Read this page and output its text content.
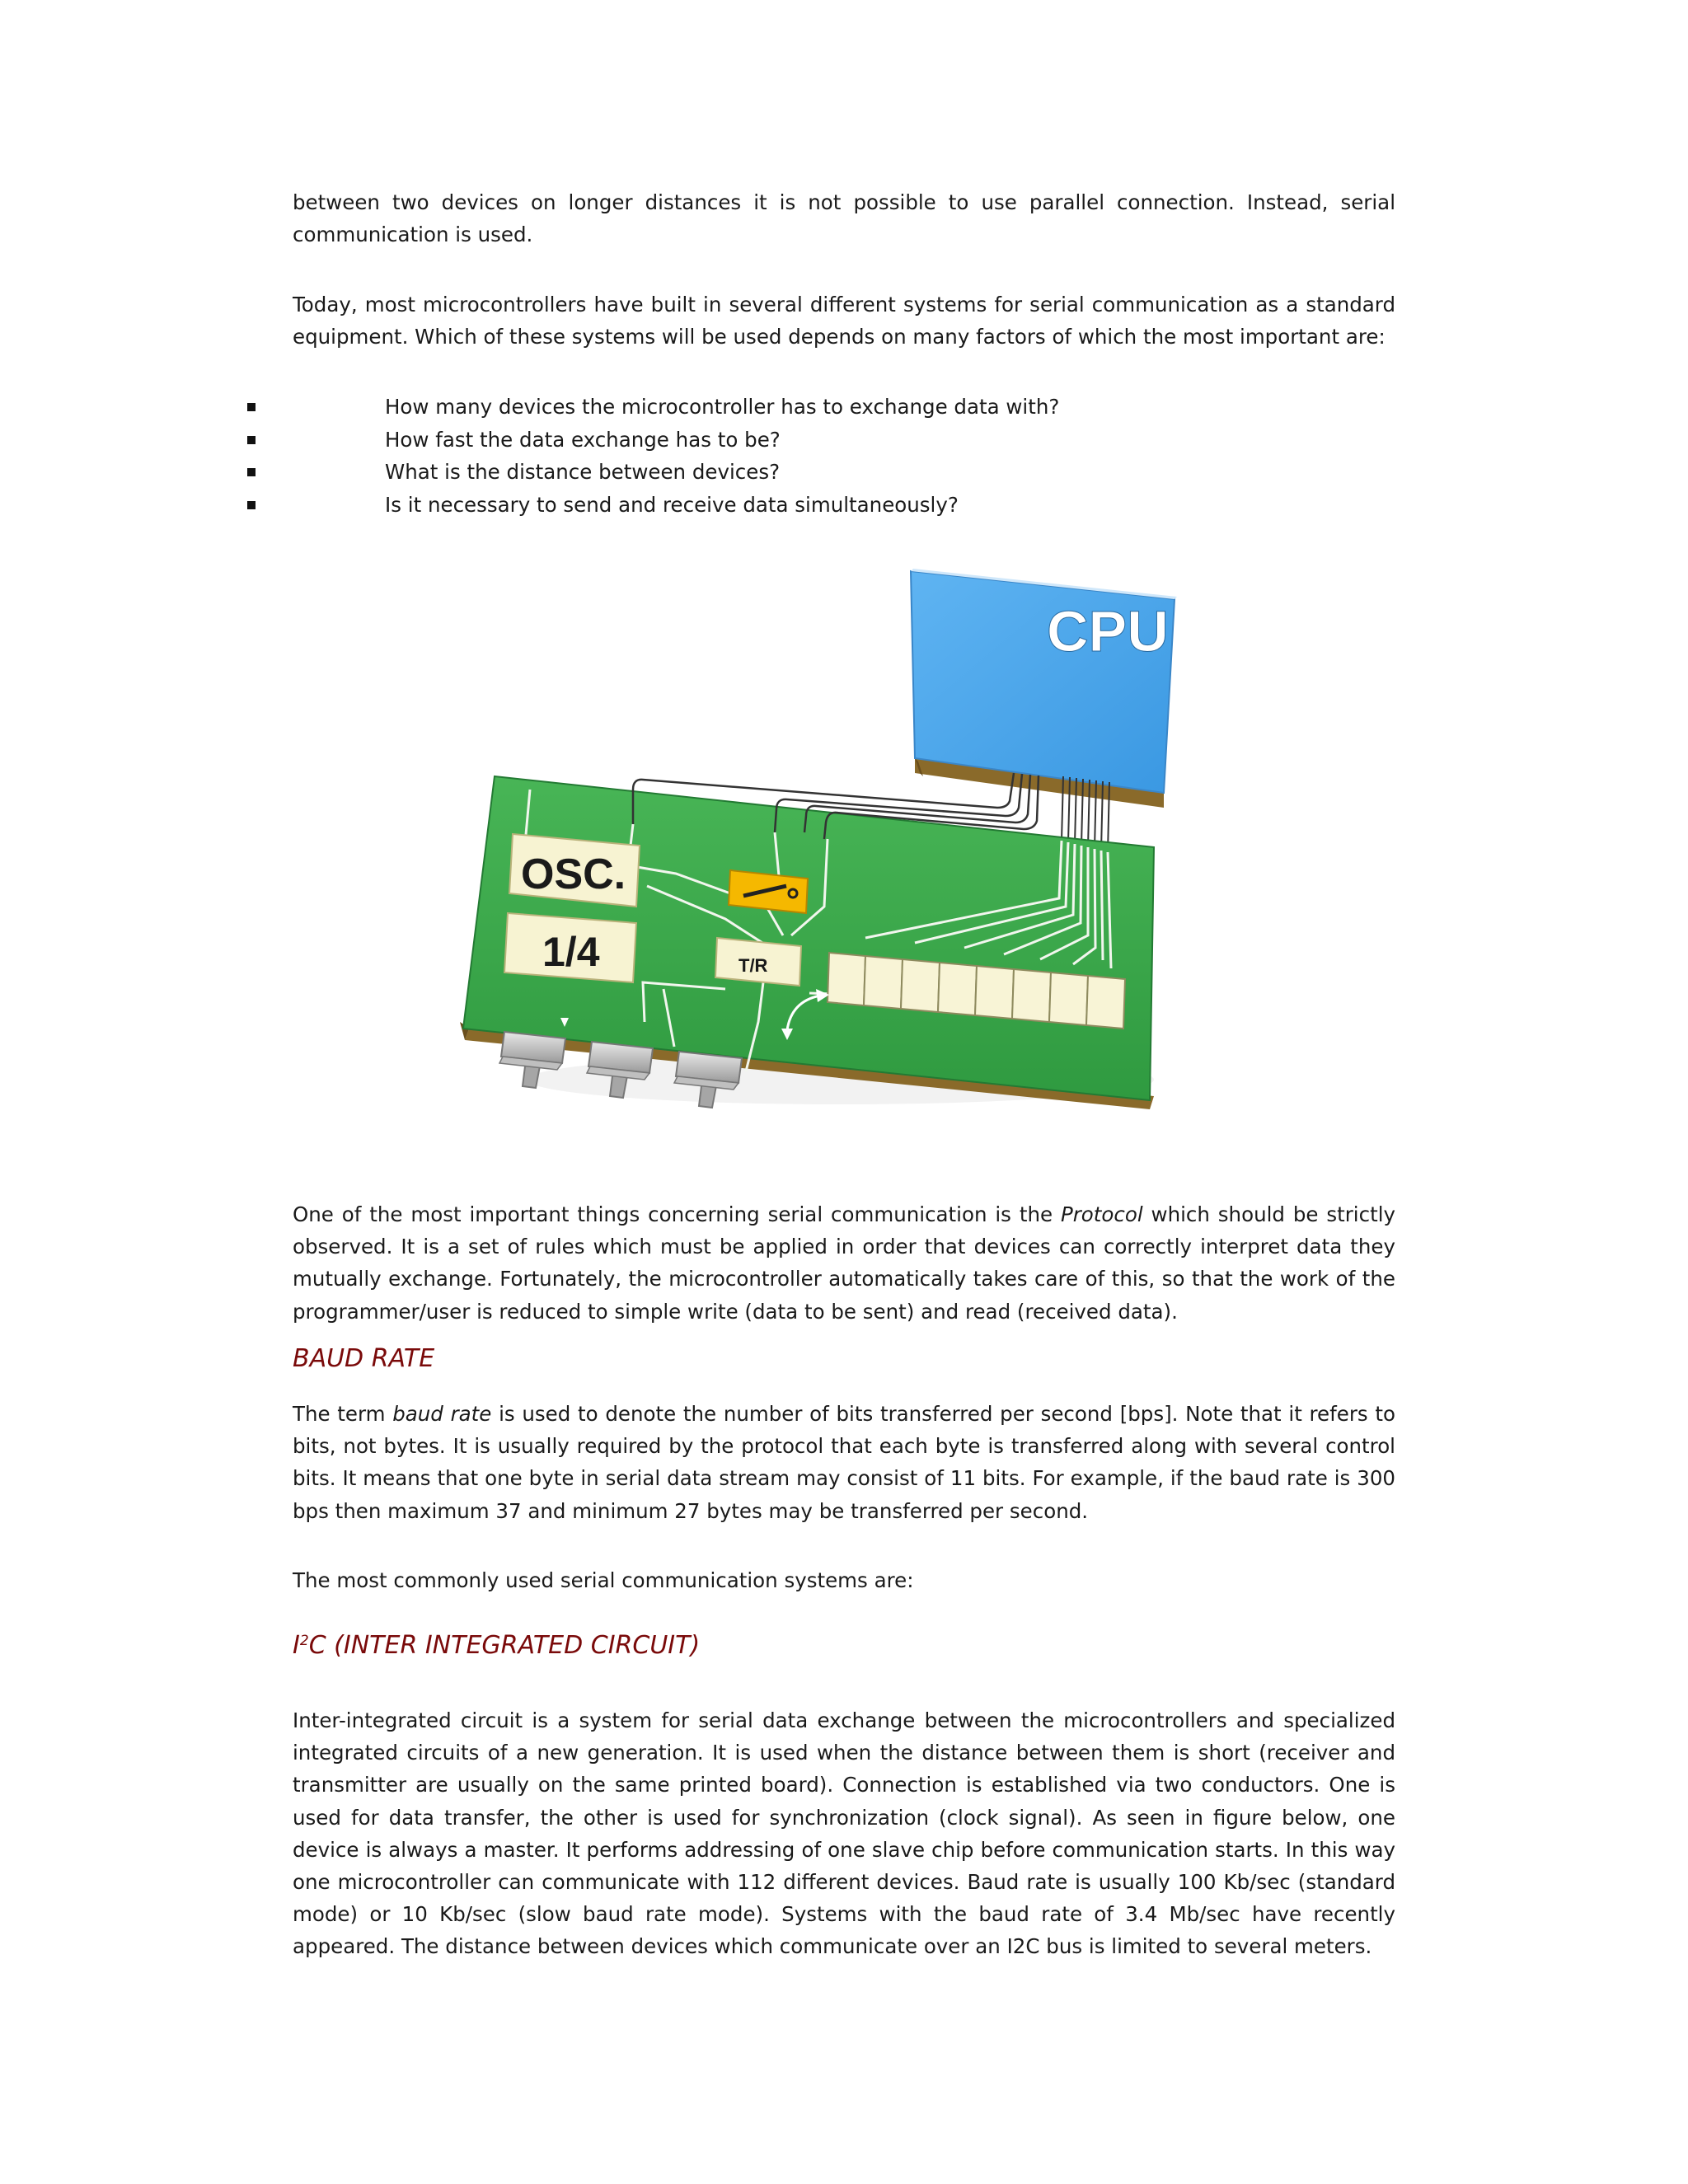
between two devices on longer distances it is not possible to use parallel connection. Instead, serial communication is used.

Today, most microcontrollers have built in several different systems for serial communication as a standard equipment. Which of these systems will be used depends on many factors of which the most important are:

How many devices the microcontroller has to exchange data with?
How fast the data exchange has to be?
What is the distance between devices?
Is it necessary to send and receive data simultaneously?
CPU
OSC.
1/4	T/R

One of the most important things concerning serial communication is the Protocol which should be strictly observed. It is a set of rules which must be applied in order that devices can correctly interpret data they mutually exchange. Fortunately, the microcontroller automatically takes care of this, so that the work of the programmer/user is reduced to simple write (data to be sent) and read (received data).

BAUD RATE

The term baud rate is used to denote the number of bits transferred per second [bps]. Note that it refers to bits, not bytes. It is usually required by the protocol that each byte is transferred along with several control bits. It means that one byte in serial data stream may consist of 11 bits. For example, if the baud rate is 300 bps then maximum 37 and minimum 27 bytes may be transferred per second.

The most commonly used serial communication systems are:

$I^2C$ (INTER INTEGRATED CIRCUIT)

Inter-integrated circuit is a system for serial data exchange between the microcontrollers and specialized integrated circuits of a new generation. It is used when the distance between them is short (receiver and transmitter are usually on the same printed board). Connection is established via two conductors. One is used for data transfer, the other is used for synchronization (clock signal). As seen in figure below, one device is always a master. It performs addressing of one slave chip before communication starts. In this way one microcontroller can communicate with 112 different devices. Baud rate is usually 100 Kb/sec (standard mode) or 10 Kb/sec (slow baud rate mode). Systems with the baud rate of 3.4 Mb/sec have recently appeared. The distance between devices which communicate over an I2C bus is limited to several meters.
